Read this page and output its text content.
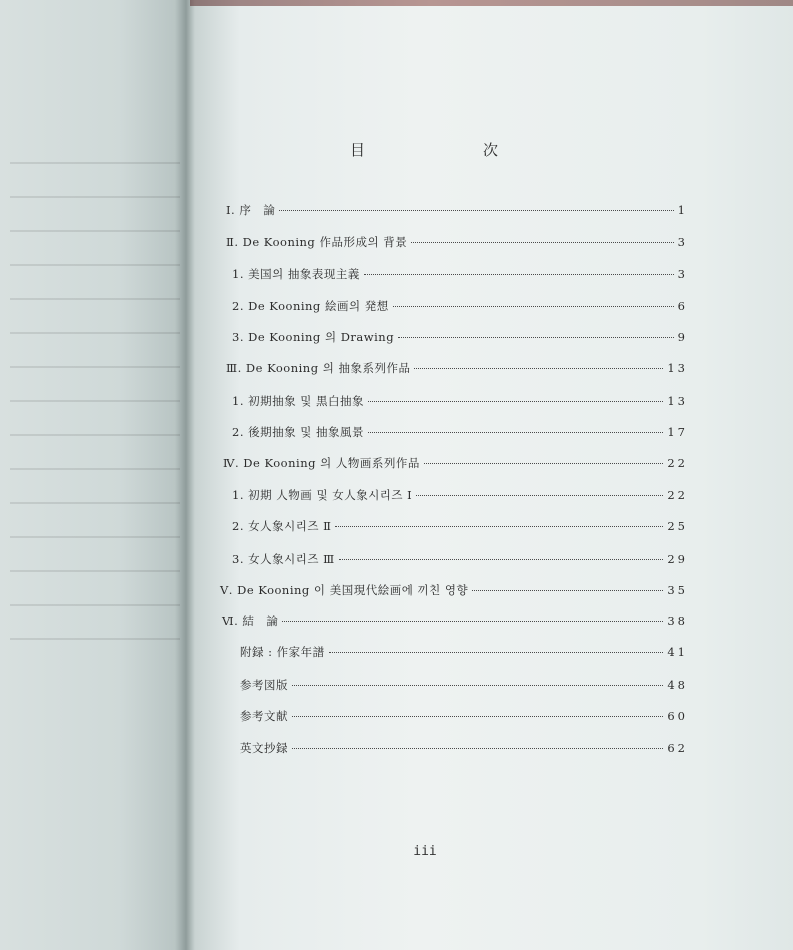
目	次
Ⅰ. 序　論	1
Ⅱ. De Kooning 作品形成의 背景	3
1. 美国의 抽象表现主義	3
2. De Kooning 絵画의 発想	6
3. De Kooning 의 Drawing	9
Ⅲ. De Kooning 의 抽象系列作品	13
1. 初期抽象 및 黒白抽象	13
2. 後期抽象 및 抽象風景	17
Ⅳ. De Kooning 의 人物画系列作品	22
1. 初期 人物画 및 女人象시리즈 Ⅰ	22
2. 女人象시리즈 Ⅱ	25
3. 女人象시리즈 Ⅲ	29
Ⅴ. De Kooning 이 美国現代絵画에 끼친 영향	35
Ⅵ. 結　論	38
附録 : 作家年譜	41
参考図版	48
参考文献	60
英文抄録	62
iii
